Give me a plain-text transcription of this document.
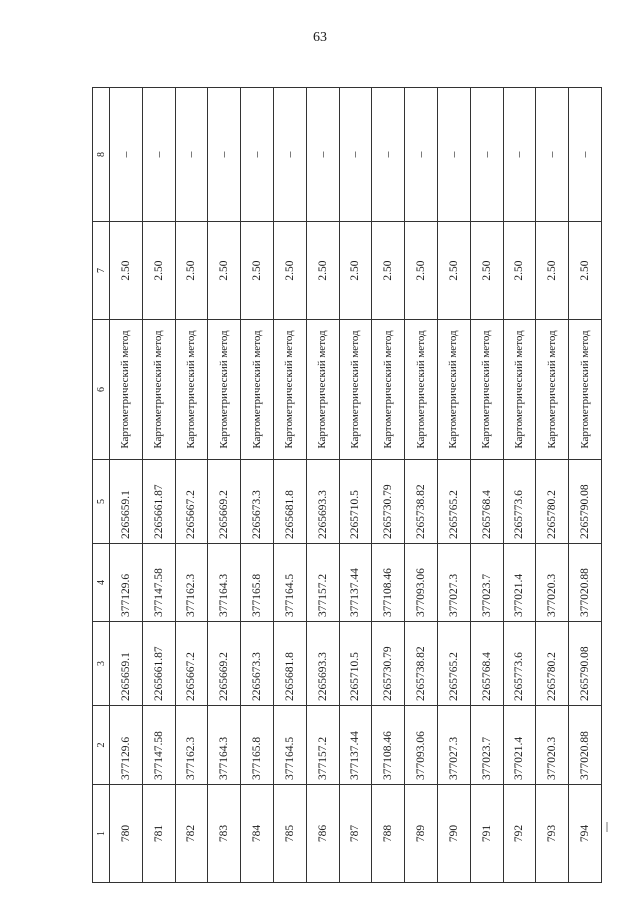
63
1	2	3	4	5	6	7	8
780	377129.6	2265659.1	377129.6	2265659.1	Картометрический метод	2.50	–
781	377147.58	2265661.87	377147.58	2265661.87	Картометрический метод	2.50	–
782	377162.3	2265667.2	377162.3	2265667.2	Картометрический метод	2.50	–
783	377164.3	2265669.2	377164.3	2265669.2	Картометрический метод	2.50	–
784	377165.8	2265673.3	377165.8	2265673.3	Картометрический метод	2.50	–
785	377164.5	2265681.8	377164.5	2265681.8	Картометрический метод	2.50	–
786	377157.2	2265693.3	377157.2	2265693.3	Картометрический метод	2.50	–
787	377137.44	2265710.5	377137.44	2265710.5	Картометрический метод	2.50	–
788	377108.46	2265730.79	377108.46	2265730.79	Картометрический метод	2.50	–
789	377093.06	2265738.82	377093.06	2265738.82	Картометрический метод	2.50	–
790	377027.3	2265765.2	377027.3	2265765.2	Картометрический метод	2.50	–
791	377023.7	2265768.4	377023.7	2265768.4	Картометрический метод	2.50	–
792	377021.4	2265773.6	377021.4	2265773.6	Картометрический метод	2.50	–
793	377020.3	2265780.2	377020.3	2265780.2	Картометрический метод	2.50	–
794	377020.88	2265790.08	377020.88	2265790.08	Картометрический метод	2.50	–
